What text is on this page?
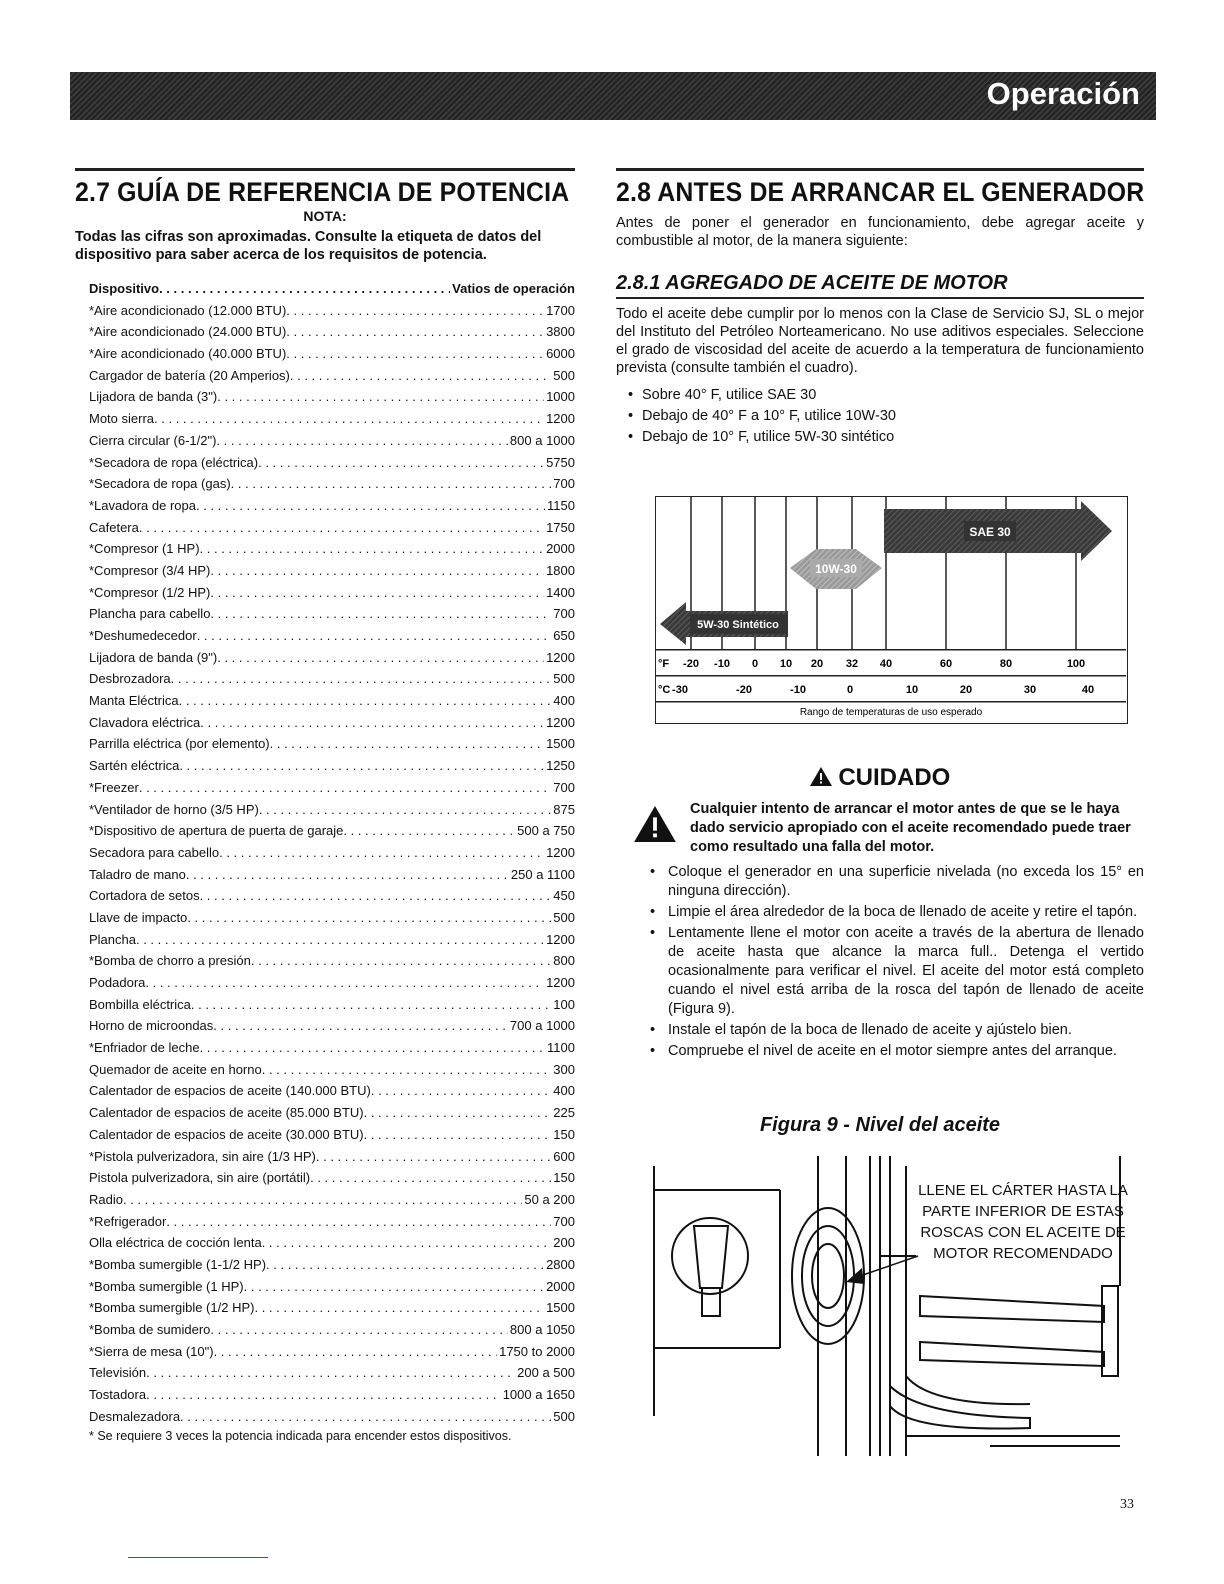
Operación
2.7 GUÍA DE REFERENCIA DE POTENCIA
NOTA:

Todas las cifras son aproximadas. Consulte la etiqueta de datos del dispositivo para saber acerca de los requisitos de potencia.

Dispositivo . . .	Vatios de operación
*Aire acondicionado (12.000 BTU) . . .	1700
*Aire acondicionado (24.000 BTU) . . .	3800
*Aire acondicionado (40.000 BTU) . . .	6000
Cargador de batería (20 Amperios) . . .	500
Lijadora de banda (3") . . .	1000
Moto sierra . . .	1200
Cierra circular (6-1/2") . . .	800 a 1000
*Secadora de ropa (eléctrica) . . .	5750
*Secadora de ropa (gas) . . .	700
*Lavadora de ropa . . .	1150
Cafetera . . .	1750
*Compresor (1 HP) . . .	2000
*Compresor (3/4 HP) . . .	1800
*Compresor (1/2 HP) . . .	1400
Plancha para cabello . . .	700
*Deshumedecedor . . .	650
Lijadora de banda (9") . . .	1200
Desbrozadora . . .	500
Manta Eléctrica . . .	400
Clavadora eléctrica . . .	1200
Parrilla eléctrica (por elemento) . . .	1500
Sartén eléctrica . . .	1250
*Freezer . . .	700
*Ventilador de horno (3/5 HP) . . .	875
*Dispositivo de apertura de puerta de garaje . . .	500 a 750
Secadora para cabello . . .	1200
Taladro de mano . . .	250 a 1100
Cortadora de setos . . .	450
Llave de impacto . . .	500
Plancha . . .	1200
*Bomba de chorro a presión . . .	800
Podadora . . .	1200
Bombilla eléctrica . . .	100
Horno de microondas . . .	700 a 1000
*Enfriador de leche . . .	1100
Quemador de aceite en horno . . .	300
Calentador de espacios de aceite (140.000 BTU) . . .	400
Calentador de espacios de aceite (85.000 BTU) . . .	225
Calentador de espacios de aceite (30.000 BTU) . . .	150
*Pistola pulverizadora, sin aire (1/3 HP) . . .	600
Pistola pulverizadora, sin aire (portátil) . . .	150
Radio . . .	50 a 200
*Refrigerador . . .	700
Olla eléctrica de cocción lenta . . .	200
*Bomba sumergible (1-1/2 HP) . . .	2800
*Bomba sumergible (1 HP) . . .	2000
*Bomba sumergible (1/2 HP) . . .	1500
*Bomba de sumidero . . .	800 a 1050
*Sierra de mesa (10") . . .	1750 to 2000
Televisión . . .	200 a 500
Tostadora . . .	1000 a 1650
Desmalezadora . . .	500
* Se requiere 3 veces la potencia indicada para encender estos dispositivos.
2.8 ANTES DE ARRANCAR EL GENERADOR

Antes de poner el generador en funcionamiento, debe agregar aceite y combustible al motor, de la manera siguiente:

2.8.1 AGREGADO DE ACEITE DE MOTOR

Todo el aceite debe cumplir por lo menos con la Clase de Servicio SJ, SL o mejor del Instituto del Petróleo Norteamericano. No use aditivos especiales. Seleccione el grado de viscosidad del aceite de acuerdo a la temperatura de funcionamiento prevista (consulte también el cuadro).

• Sobre 40° F, utilice SAE 30
• Debajo de 40° F a 10° F, utilice 10W-30
• Debajo de 10° F, utilice 5W-30 sintético
SAE 30
10W-30
5W-30 Sintético
°F -20 -10 0 10 20 32 40	60	80	100
°C -30	-20	-10	0	10	20	30	40
Rango de temperaturas de uso esperado
CUIDADO
Cualquier intento de arrancar el motor antes de que se le haya dado servicio apropiado con el aceite recomendado puede traer como resultado una falla del motor.
• Coloque el generador en una superficie nivelada (no exceda los 15° en ninguna dirección).
• Limpie el área alrededor de la boca de llenado de aceite y retire el tapón.
• Lentamente llene el motor con aceite a través de la abertura de llenado de aceite hasta que alcance la marca full.. Detenga el vertido ocasionalmente para verificar el nivel. El aceite del motor está completo cuando el nivel está arriba de la rosca del tapón de llenado de aceite (Figura 9).
• Instale el tapón de la boca de llenado de aceite y ajústelo bien.
• Compruebe el nivel de aceite en el motor siempre antes del arranque.
Figura 9 - Nivel del aceite
LLENE EL CÁRTER HASTA LA PARTE INFERIOR DE ESTAS ROSCAS CON EL ACEITE DE MOTOR RECOMENDADO
33
